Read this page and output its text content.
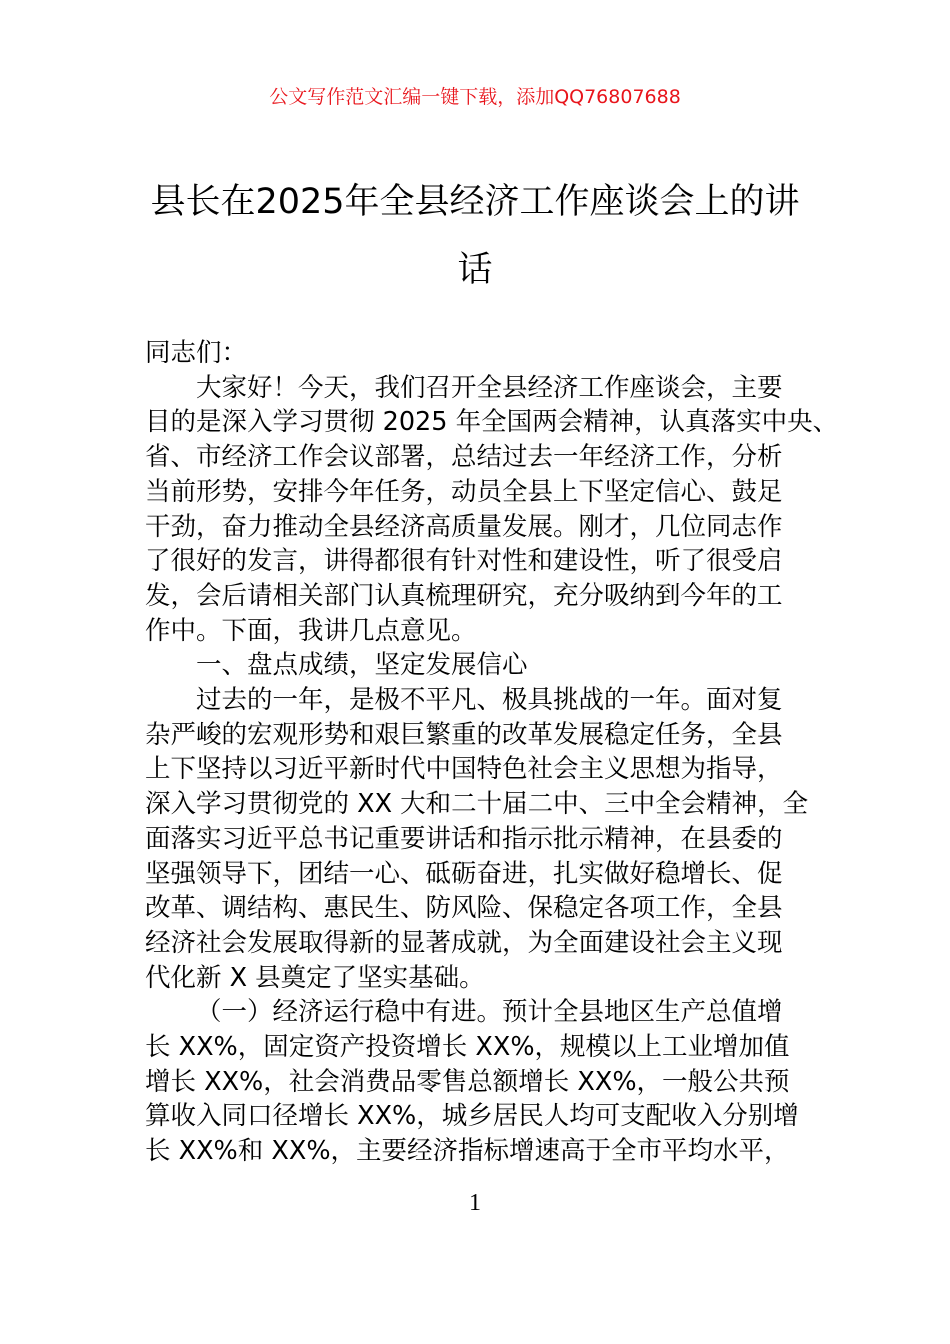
公文写作范文汇编一键下载，添加QQ76807688
县长在2025年全县经济工作座谈会上的讲
话
同志们：
大家好！今天，我们召开全县经济工作座谈会，主要
目的是深入学习贯彻 2025 年全国两会精神，认真落实中央、
省、市经济工作会议部署，总结过去一年经济工作，分析
当前形势，安排今年任务，动员全县上下坚定信心、鼓足
干劲，奋力推动全县经济高质量发展。刚才，几位同志作
了很好的发言，讲得都很有针对性和建设性，听了很受启
发，会后请相关部门认真梳理研究，充分吸纳到今年的工
作中。下面，我讲几点意见。
一、盘点成绩，坚定发展信心
过去的一年，是极不平凡、极具挑战的一年。面对复
杂严峻的宏观形势和艰巨繁重的改革发展稳定任务，全县
上下坚持以习近平新时代中国特色社会主义思想为指导，
深入学习贯彻党的 XX 大和二十届二中、三中全会精神，全
面落实习近平总书记重要讲话和指示批示精神，在县委的
坚强领导下，团结一心、砥砺奋进，扎实做好稳增长、促
改革、调结构、惠民生、防风险、保稳定各项工作，全县
经济社会发展取得新的显著成就，为全面建设社会主义现
代化新 X 县奠定了坚实基础。
（一）经济运行稳中有进。预计全县地区生产总值增
长 XX%，固定资产投资增长 XX%，规模以上工业增加值
增长 XX%，社会消费品零售总额增长 XX%，一般公共预
算收入同口径增长 XX%，城乡居民人均可支配收入分别增
长 XX%和 XX%，主要经济指标增速高于全市平均水平，
1
